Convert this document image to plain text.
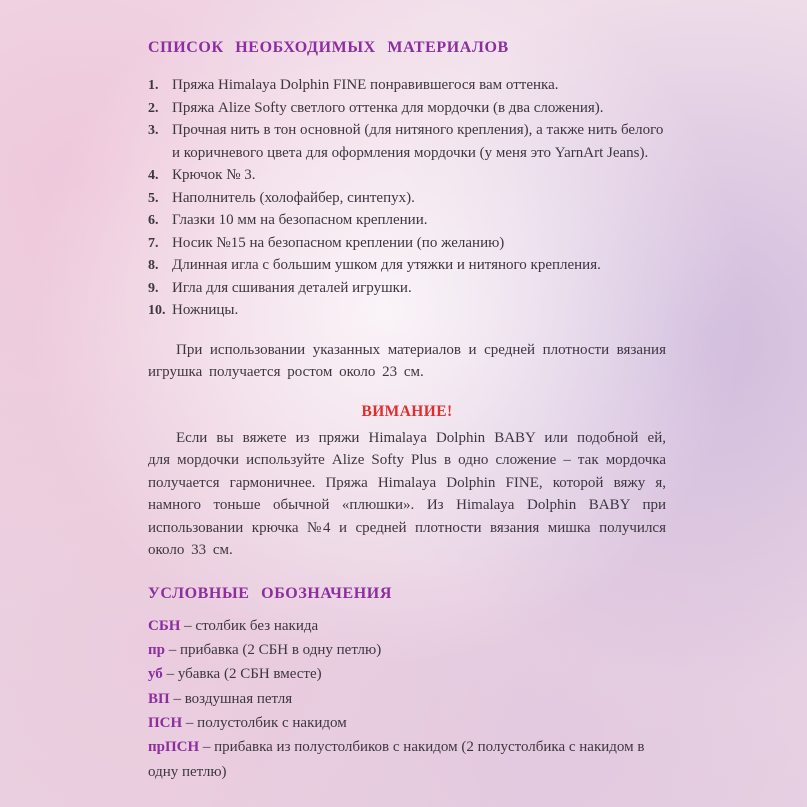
СПИСОК НЕОБХОДИМЫХ МАТЕРИАЛОВ
1. Пряжа Himalaya Dolphin FINE понравившегося вам оттенка.
2. Пряжа Alize Softy светлого оттенка для мордочки (в два сложения).
3. Прочная нить в тон основной (для нитяного крепления), а также нить белого и коричневого цвета для оформления мордочки (у меня это YarnArt Jeans).
4. Крючок № 3.
5. Наполнитель (холофайбер, синтепух).
6. Глазки 10 мм на безопасном креплении.
7. Носик №15 на безопасном креплении (по желанию)
8. Длинная игла с большим ушком для утяжки и нитяного крепления.
9. Игла для сшивания деталей игрушки.
10. Ножницы.

При использовании указанных материалов и средней плотности вязания игрушка получается ростом около 23 см.

ВИМАНИЕ!

Если вы вяжете из пряжи Himalaya Dolphin BABY или подобной ей, для мордочки используйте Alize Softy Plus в одно сложение – так мордочка получается гармоничнее. Пряжа Himalaya Dolphin FINE, которой вяжу я, намного тоньше обычной «плюшки». Из Himalaya Dolphin BABY при использовании крючка №4 и средней плотности вязания мишка получился около 33 см.

УСЛОВНЫЕ ОБОЗНАЧЕНИЯ
СБН – столбик без накида
пр – прибавка (2 СБН в одну петлю)
уб – убавка (2 СБН вместе)
ВП – воздушная петля
ПСН – полустолбик с накидом
прПСН – прибавка из полустолбиков с накидом (2 полустолбика с накидом в одну петлю)
